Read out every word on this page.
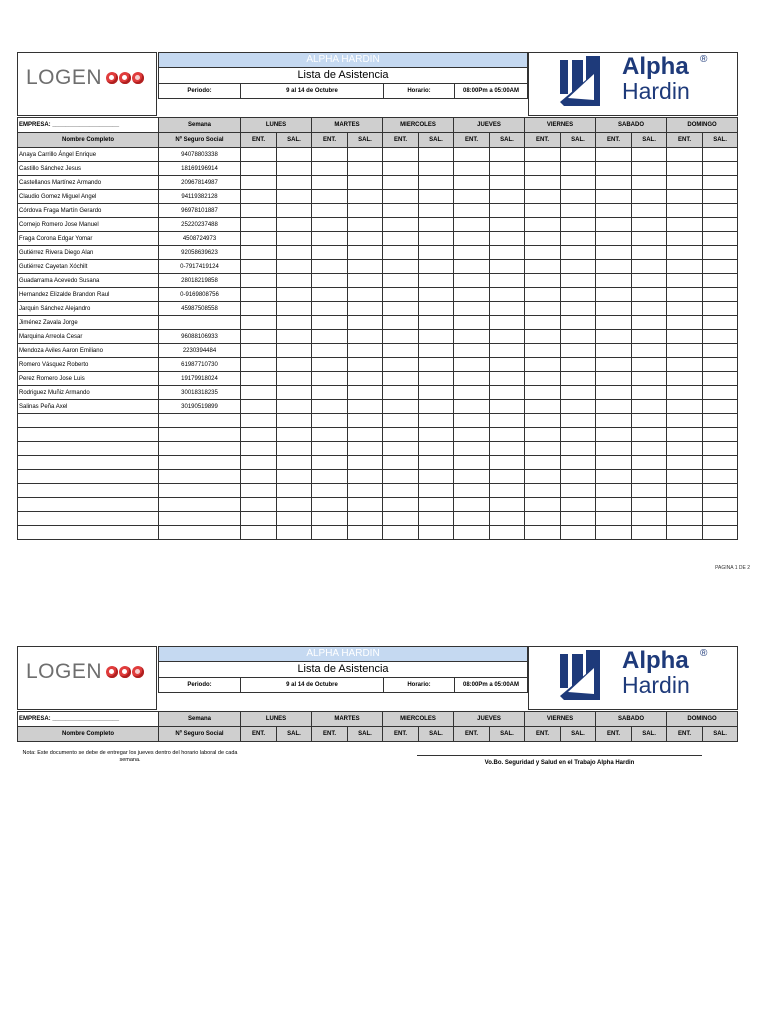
LOGEN
ALPHA HARDIN
Lista de Asistencia
Periodo:	9 al 14 de Octubre	Horario:	08:00Pm a 05:00AM
Alpha ®
Hardin
EMPRESA: ____________________	Semana	LUNES		MARTES		MIERCOLES		JUEVES		VIERNES		SABADO		DOMINGO	
Nombre Completo	Nº Seguro Social	ENT.	SAL.	ENT.	SAL.	ENT.	SAL.	ENT.	SAL.	ENT.	SAL.	ENT.	SAL.	ENT.	SAL.
Anaya Carrillo Ángel Enrique	94078803338														
Castillo Sánchez Jesus	18169196914														
Castellanos Martínez Armando	20967814987														
Claudio Gomez Miguel Angel	94119382128														
Córdova Fraga Martín Gerardo	96978101887														
Cornejo Romero Jose Manuel	25220237488														
Fraga Corona Edgar Yomar	4508724973														
Gutiérrez Rivera Diego Alan	92058639623														
Gutiérrez Cayetan Xóchilt	0-7917419124														
Guadarrama Acevedo Susana	28018219858														
Hernandez Elizalde Brandon Raul	0-9169808756														
Jarquin Sánchez Alejandro	45987508558														
Jiménez Zavala Jorge															
Marquina Arreola Cesar	96088106933														
Mendoza Aviles Aaron Emiliano	2230394484														
Romero Vásquez Roberto	61987710730														
Perez Romero Jose Luis	19179918024														
Rodriguez Muñiz Armando	30018318235														
Salinas Peña Axel	30190519899														

PAGINA 1 DE 2
LOGEN
ALPHA HARDIN
Lista de Asistencia
Periodo:	9 al 14 de Octubre	Horario:	08:00Pm a 05:00AM
Alpha ®
Hardin
EMPRESA: ____________________	Semana	LUNES		MARTES		MIERCOLES		JUEVES		VIERNES		SABADO		DOMINGO	
Nombre Completo	Nº Seguro Social	ENT.	SAL.	ENT.	SAL.	ENT.	SAL.	ENT.	SAL.	ENT.	SAL.	ENT.	SAL.	ENT.	SAL.
Nota: Este documento se debe de entregar los jueves dentro del horario laboral de cada semana.	Vo.Bo. Seguridad y Salud en el Trabajo Alpha Hardin
